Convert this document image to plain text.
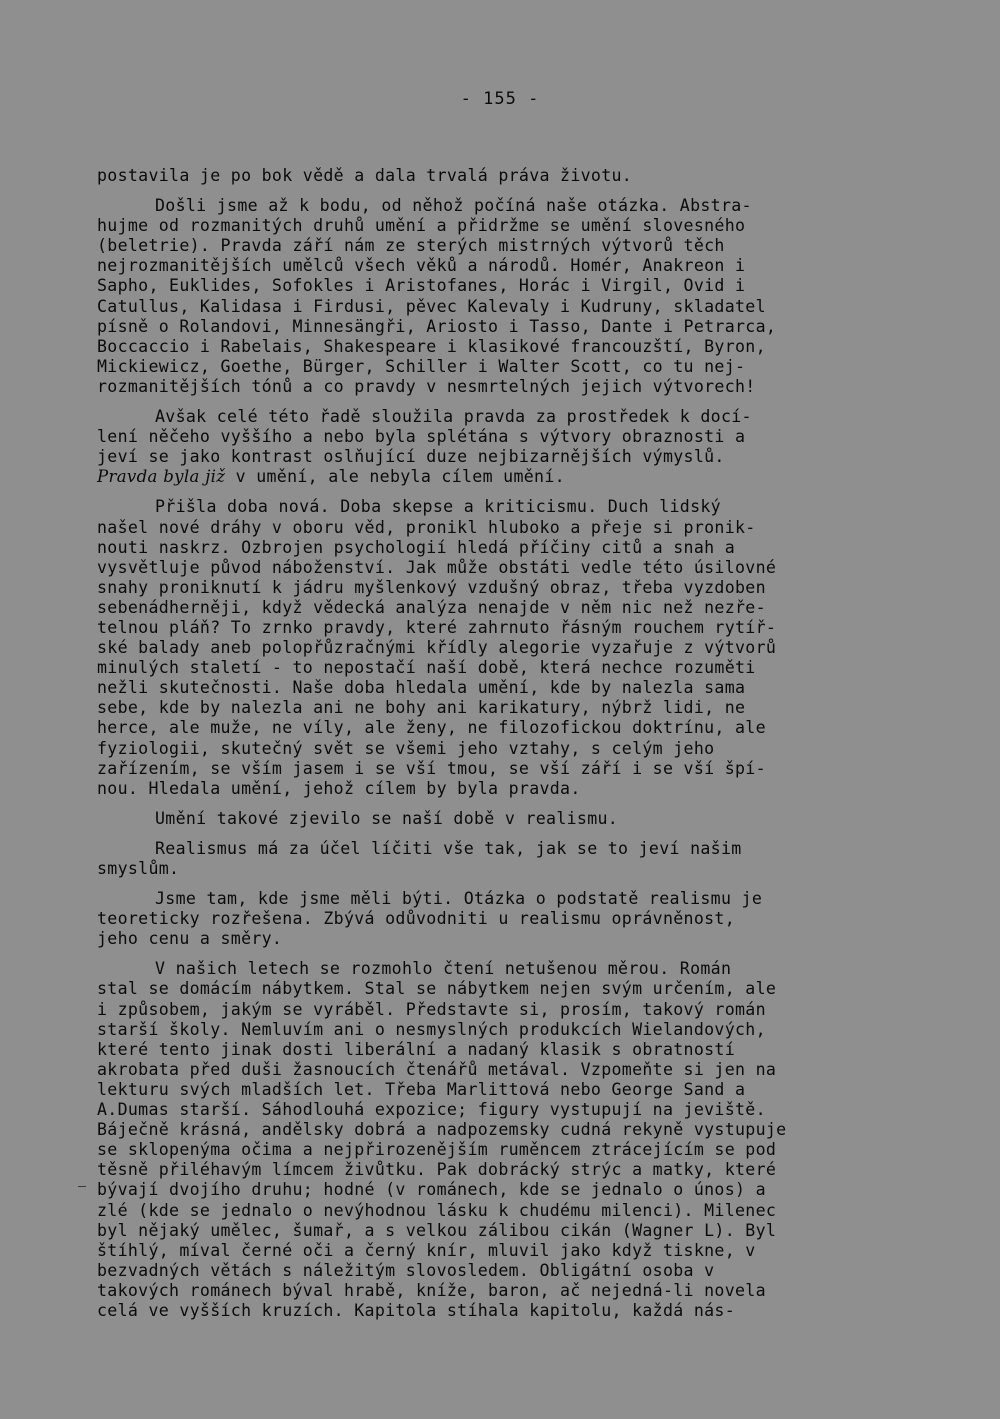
- 155 -

postavila je po bok vědě a dala trvalá práva životu.

Došli jsme až k bodu, od něhož počíná naše otázka. Abstra-
hujme od rozmanitých druhů umění a přidržme se umění slovesného
(beletrie). Pravda září nám ze sterých mistrných výtvorů těch
nejrozmanitějších umělců všech věků a národů. Homér, Anakreon i
Sapho, Euklides, Sofokles i Aristofanes, Horác i Virgil, Ovid i
Catullus, Kalidasa i Firdusi, pěvec Kalevaly i Kudruny, skladatel
písně o Rolandovi, Minnesängři, Ariosto i Tasso, Dante i Petrarca,
Boccaccio i Rabelais, Shakespeare i klasikové francouzští, Byron,
Mickiewicz, Goethe, Bürger, Schiller i Walter Scott, co tu nej-
rozmanitějších tónů a co pravdy v nesmrtelných jejich výtvorech!

Avšak celé této řadě sloužila pravda za prostředek k docí-
lení něčeho vyššího a nebo byla splétána s výtvory obraznosti a
jeví se jako kontrast oslňující duze nejbizarnějších výmyslů.
Pravda byla již v umění, ale nebyla cílem umění.

Přišla doba nová. Doba skepse a kriticismu. Duch lidský
našel nové dráhy v oboru věd, pronikl hluboko a přeje si pronik-
nouti naskrz. Ozbrojen psychologií hledá příčiny citů a snah a
vysvětluje původ náboženství. Jak může obstáti vedle této úsilovné
snahy proniknutí k jádru myšlenkový vzdušný obraz, třeba vyzdoben
sebenádherněji, když vědecká analýza nenajde v něm nic než nezře-
telnou pláň? To zrnko pravdy, které zahrnuto řásným rouchem rytíř-
ské balady aneb polopřůzračnými křídly alegorie vyzařuje z výtvorů
minulých staletí - to nepostačí naší době, která nechce rozuměti
nežli skutečnosti. Naše doba hledala umění, kde by nalezla sama
sebe, kde by nalezla ani ne bohy ani karikatury, nýbrž lidi, ne
herce, ale muže, ne víly, ale ženy, ne filozofickou doktrínu, ale
fyziologii, skutečný svět se všemi jeho vztahy, s celým jeho
zařízením, se vším jasem i se vší tmou, se vší září i se vší špí-
nou. Hledala umění, jehož cílem by byla pravda.

Umění takové zjevilo se naší době v realismu.

Realismus má za účel líčiti vše tak, jak se to jeví našim
smyslům.

Jsme tam, kde jsme měli býti. Otázka o podstatě realismu je
teoreticky rozřešena. Zbývá odůvodniti u realismu oprávněnost,
jeho cenu a směry.

V našich letech se rozmohlo čtení netušenou měrou. Román
stal se domácím nábytkem. Stal se nábytkem nejen svým určením, ale
i způsobem, jakým se vyráběl. Představte si, prosím, takový román
starší školy. Nemluvím ani o nesmyslných produkcích Wielandových,
které tento jinak dosti liberální a nadaný klasik s obratností
akrobata před duši žasnoucích čtenářů metával. Vzpomeňte si jen na
lekturu svých mladších let. Třeba Marlittová nebo George Sand a
A.Dumas starší. Sáhodlouhá expozice; figury vystupují na jeviště.
Báječně krásná, andělsky dobrá a nadpozemsky cudná rekyně vystupuje
se sklopenýma očima a nejpřirozenějším ruměncem ztrácejícím se pod
těsně přiléhavým límcem živůtku. Pak dobrácký strýc a matky, které
bývají dvojího druhu; hodné (v románech, kde se jednalo o únos) a
zlé (kde se jednalo o nevýhodnou lásku k chudému milenci). Milenec
byl nějaký umělec, šumař, a s velkou zálibou cikán (Wagner L). Byl
štíhlý, míval černé oči a černý knír, mluvil jako když tiskne, v
bezvadných větách s náležitým slovosledem. Obligátní osoba v
takových románech býval hrabě, kníže, baron, ač nejedná-li novela
celá ve vyšších kruzích. Kapitola stíhala kapitolu, každá nás-
